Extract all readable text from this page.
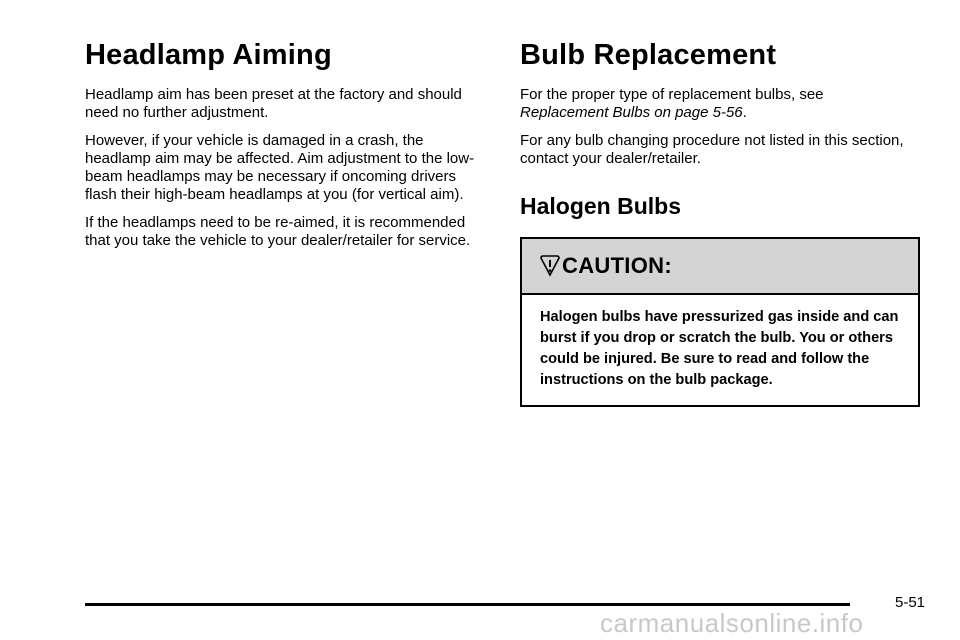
Headlamp Aiming

Headlamp aim has been preset at the factory and should need no further adjustment.

However, if your vehicle is damaged in a crash, the headlamp aim may be affected. Aim adjustment to the low-beam headlamps may be necessary if oncoming drivers flash their high-beam headlamps at you (for vertical aim).

If the headlamps need to be re-aimed, it is recommended that you take the vehicle to your dealer/retailer for service.

Bulb Replacement

For the proper type of replacement bulbs, see
Replacement Bulbs on page 5-56.

For any bulb changing procedure not listed in this section, contact your dealer/retailer.

Halogen Bulbs
CAUTION:
Halogen bulbs have pressurized gas inside and can burst if you drop or scratch the bulb. You or others could be injured. Be sure to read and follow the instructions on the bulb package.
5-51
carmanualsonline.info
